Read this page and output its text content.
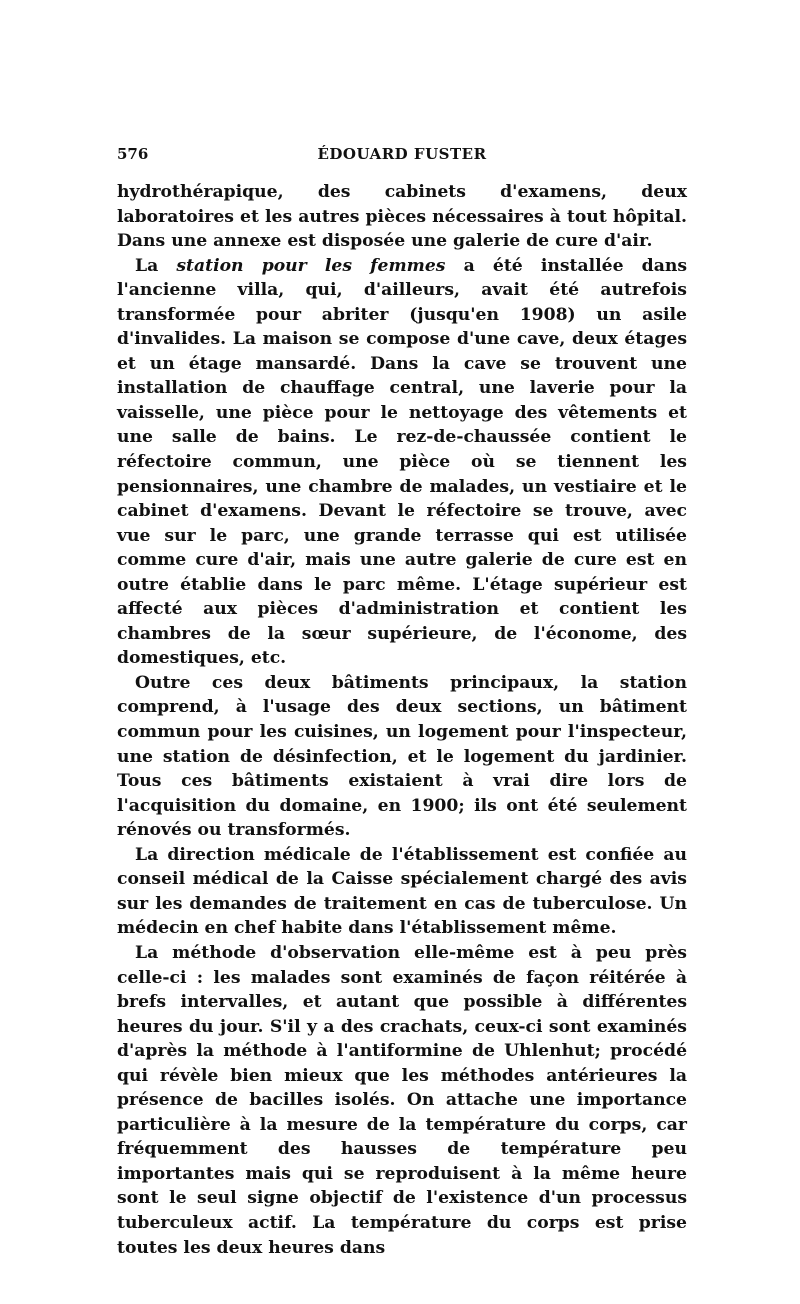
576	ÉDOUARD FUSTER

hydrothérapique, des cabinets d'examens, deux laboratoires et les autres pièces nécessaires à tout hôpital. Dans une annexe est disposée une galerie de cure d'air.

La station pour les femmes a été installée dans l'ancienne villa, qui, d'ailleurs, avait été autrefois transformée pour abriter (jusqu'en 1908) un asile d'invalides. La maison se compose d'une cave, deux étages et un étage mansardé. Dans la cave se trouvent une installation de chauffage central, une laverie pour la vaisselle, une pièce pour le nettoyage des vêtements et une salle de bains. Le rez-de-chaussée contient le réfectoire commun, une pièce où se tiennent les pensionnaires, une chambre de malades, un vestiaire et le cabinet d'examens. Devant le réfectoire se trouve, avec vue sur le parc, une grande terrasse qui est utilisée comme cure d'air, mais une autre galerie de cure est en outre établie dans le parc même. L'étage supérieur est affecté aux pièces d'administration et contient les chambres de la sœur supérieure, de l'économe, des domestiques, etc.

Outre ces deux bâtiments principaux, la station comprend, à l'usage des deux sections, un bâtiment commun pour les cuisines, un logement pour l'inspecteur, une station de désinfection, et le logement du jardinier. Tous ces bâtiments existaient à vrai dire lors de l'acquisition du domaine, en 1900; ils ont été seulement rénovés ou transformés.

La direction médicale de l'établissement est confiée au conseil médical de la Caisse spécialement chargé des avis sur les demandes de traitement en cas de tuberculose. Un médecin en chef habite dans l'établissement même.

La méthode d'observation elle-même est à peu près celle-ci : les malades sont examinés de façon réitérée à brefs intervalles, et autant que possible à différentes heures du jour. S'il y a des crachats, ceux-ci sont examinés d'après la méthode à l'antiformine de Uhlenhut; procédé qui révèle bien mieux que les méthodes antérieures la présence de bacilles isolés. On attache une importance particulière à la mesure de la température du corps, car fréquemment des hausses de température peu importantes mais qui se reproduisent à la même heure sont le seul signe objectif de l'existence d'un processus tuberculeux actif. La température du corps est prise toutes les deux heures dans
